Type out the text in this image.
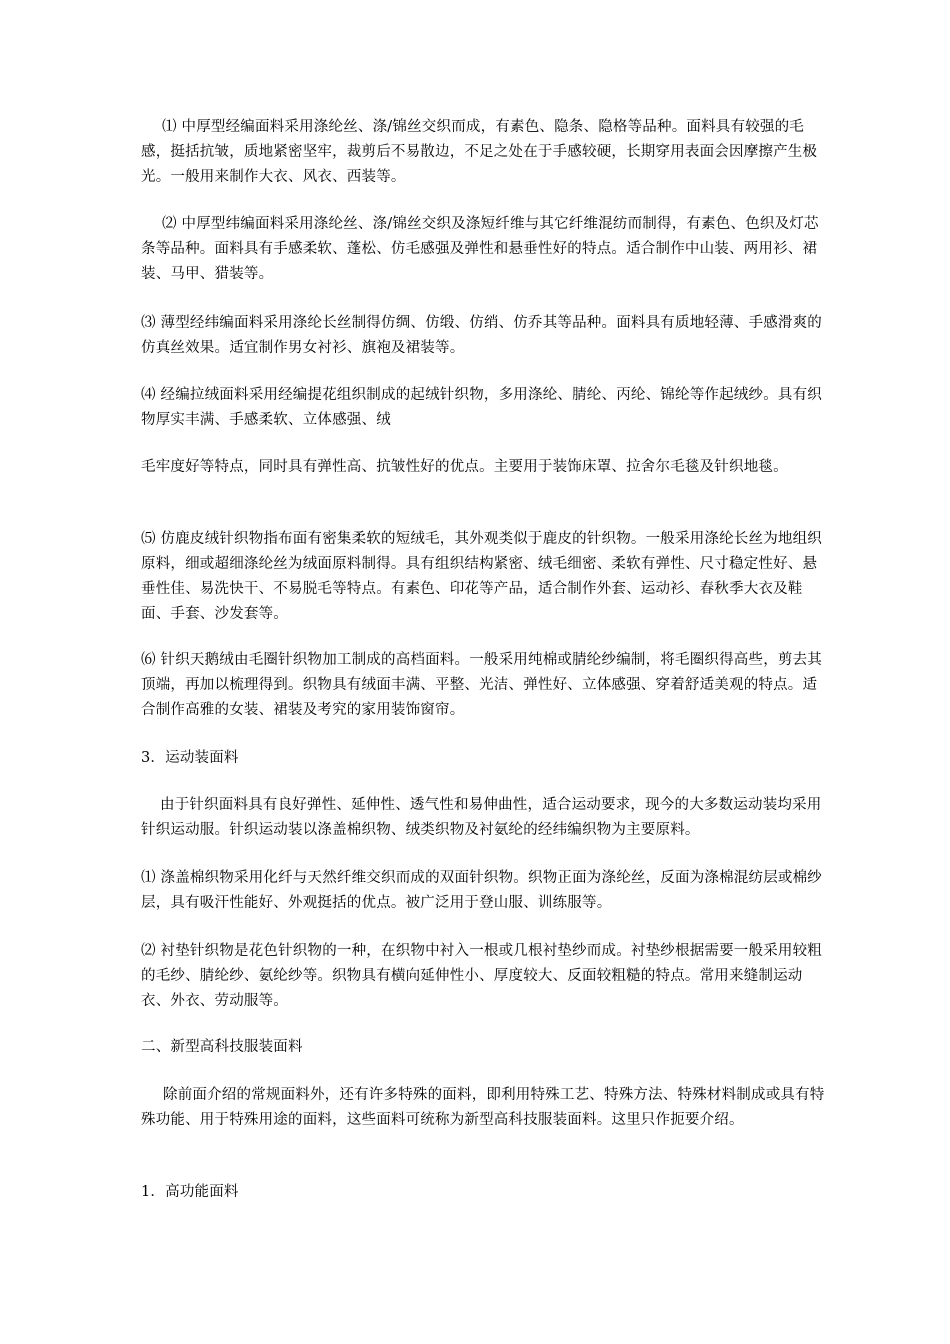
⑴ 中厚型经编面料采用涤纶丝、涤/锦丝交织而成，有素色、隐条、隐格等品种。面料具有较强的毛感，挺括抗皱，质地紧密坚牢，裁剪后不易散边，不足之处在于手感较硬，长期穿用表面会因摩擦产生极光。一般用来制作大衣、风衣、西装等。

⑵ 中厚型纬编面料采用涤纶丝、涤/锦丝交织及涤短纤维与其它纤维混纺而制得，有素色、色织及灯芯条等品种。面料具有手感柔软、蓬松、仿毛感强及弹性和悬垂性好的特点。适合制作中山装、两用衫、裙装、马甲、猎装等。

⑶ 薄型经纬编面料采用涤纶长丝制得仿绸、仿缎、仿绡、仿乔其等品种。面料具有质地轻薄、手感滑爽的仿真丝效果。适宜制作男女衬衫、旗袍及裙装等。

⑷ 经编拉绒面料采用经编提花组织制成的起绒针织物，多用涤纶、腈纶、丙纶、锦纶等作起绒纱。具有织物厚实丰满、手感柔软、立体感强、绒

毛牢度好等特点，同时具有弹性高、抗皱性好的优点。主要用于装饰床罩、拉舍尔毛毯及针织地毯。

⑸ 仿鹿皮绒针织物指布面有密集柔软的短绒毛，其外观类似于鹿皮的针织物。一般采用涤纶长丝为地组织原料，细或超细涤纶丝为绒面原料制得。具有组织结构紧密、绒毛细密、柔软有弹性、尺寸稳定性好、悬垂性佳、易洗快干、不易脱毛等特点。有素色、印花等产品，适合制作外套、运动衫、春秋季大衣及鞋面、手套、沙发套等。

⑹ 针织天鹅绒由毛圈针织物加工制成的高档面料。一般采用纯棉或腈纶纱编制，将毛圈织得高些，剪去其顶端，再加以梳理得到。织物具有绒面丰满、平整、光洁、弹性好、立体感强、穿着舒适美观的特点。适合制作高雅的女装、裙装及考究的家用装饰窗帘。

3．运动装面料

由于针织面料具有良好弹性、延伸性、透气性和易伸曲性，适合运动要求，现今的大多数运动装均采用针织运动服。针织运动装以涤盖棉织物、绒类织物及衬氨纶的经纬编织物为主要原料。

⑴ 涤盖棉织物采用化纤与天然纤维交织而成的双面针织物。织物正面为涤纶丝，反面为涤棉混纺层或棉纱层，具有吸汗性能好、外观挺括的优点。被广泛用于登山服、训练服等。

⑵ 衬垫针织物是花色针织物的一种，在织物中衬入一根或几根衬垫纱而成。衬垫纱根据需要一般采用较粗的毛纱、腈纶纱、氨纶纱等。织物具有横向延伸性小、厚度较大、反面较粗糙的特点。常用来缝制运动衣、外衣、劳动服等。

二、新型高科技服装面料

除前面介绍的常规面料外，还有许多特殊的面料，即利用特殊工艺、特殊方法、特殊材料制成或具有特殊功能、用于特殊用途的面料，这些面料可统称为新型高科技服装面料。这里只作扼要介绍。

1．高功能面料
